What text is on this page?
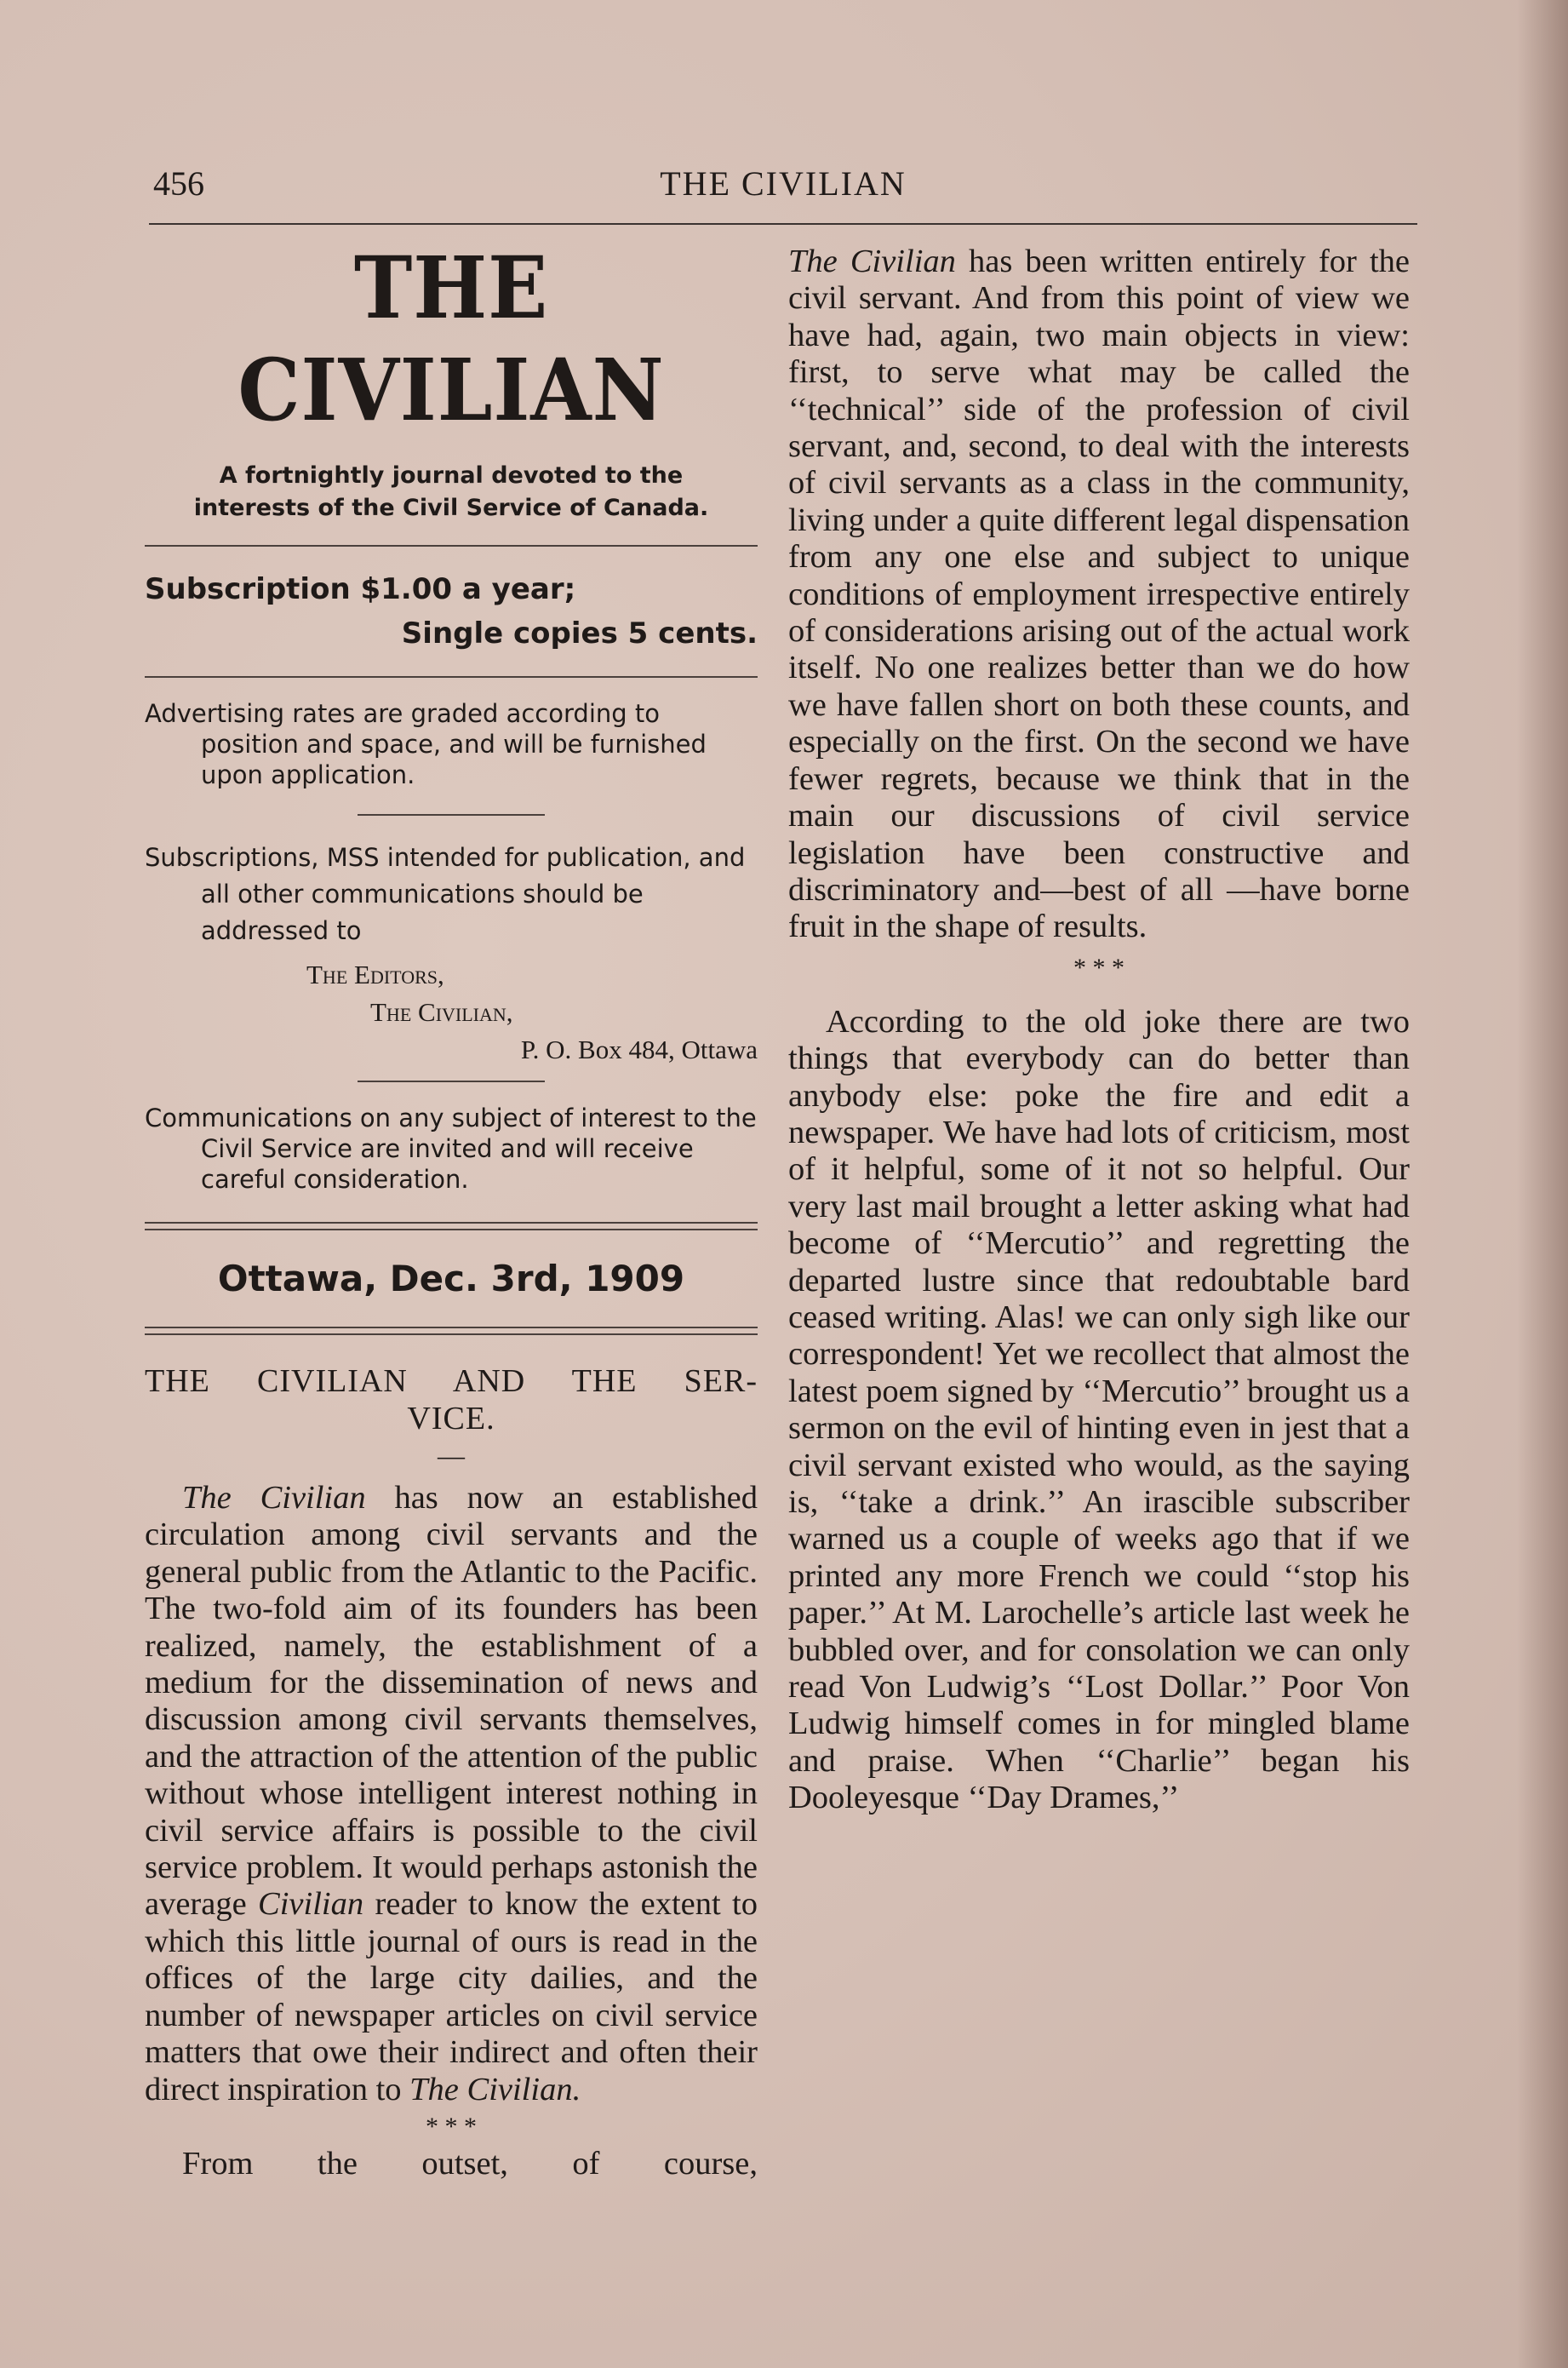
456	THE CIVILIAN
THE CIVILIAN
A fortnightly journal devoted to the interests of the Civil Service of Canada.
Subscription $1.00 a year;
Single copies 5 cents.

Advertising rates are graded according to position and space, and will be furnished upon application.

Subscriptions, MSS intended for publication, and all other communications should be addressed to

The Editors,
The Civilian,
P. O. Box 484, Ottawa

Communications on any subject of interest to the Civil Service are invited and will receive careful consideration.

Ottawa, Dec. 3rd, 1909
THE CIVILIAN AND THE SER-
VICE.
—

The Civilian has now an established circulation among civil servants and the general public from the Atlantic to the Pacific. The two-fold aim of its founders has been realized, namely, the establishment of a medium for the dissemination of news and discussion among civil servants themselves, and the attraction of the attention of the public without whose intelligent interest nothing in civil service affairs is possible to the civil service problem. It would perhaps astonish the average Civilian reader to know the extent to which this little journal of ours is read in the offices of the large city dailies, and the number of newspaper articles on civil service matters that owe their indirect and often their direct inspiration to The Civilian.

* * *

From the outset, of course,

The Civilian has been written entirely for the civil servant. And from this point of view we have had, again, two main objects in view: first, to serve what may be called the ‘‘technical’’ side of the profession of civil servant, and, second, to deal with the interests of civil servants as a class in the community, living under a quite different legal dispensation from any one else and subject to unique conditions of employment irrespective entirely of considerations arising out of the actual work itself. No one realizes better than we do how we have fallen short on both these counts, and especially on the first. On the second we have fewer regrets, because we think that in the main our discussions of civil service legislation have been constructive and discriminatory and—best of all —have borne fruit in the shape of results.

* * *

According to the old joke there are two things that everybody can do better than anybody else: poke the fire and edit a newspaper. We have had lots of criticism, most of it helpful, some of it not so helpful. Our very last mail brought a letter asking what had become of ‘‘Mercutio’’ and regretting the departed lustre since that redoubtable bard ceased writing. Alas! we can only sigh like our correspondent! Yet we recollect that almost the latest poem signed by ‘‘Mercutio’’ brought us a sermon on the evil of hinting even in jest that a civil servant existed who would, as the saying is, ‘‘take a drink.’’ An irascible subscriber warned us a couple of weeks ago that if we printed any more French we could ‘‘stop his paper.’’ At M. Larochelle’s article last week he bubbled over, and for consolation we can only read Von Ludwig’s ‘‘Lost Dollar.’’ Poor Von Ludwig himself comes in for mingled blame and praise. When ‘‘Charlie’’ began his Dooleyesque ‘‘Day Drames,’’
